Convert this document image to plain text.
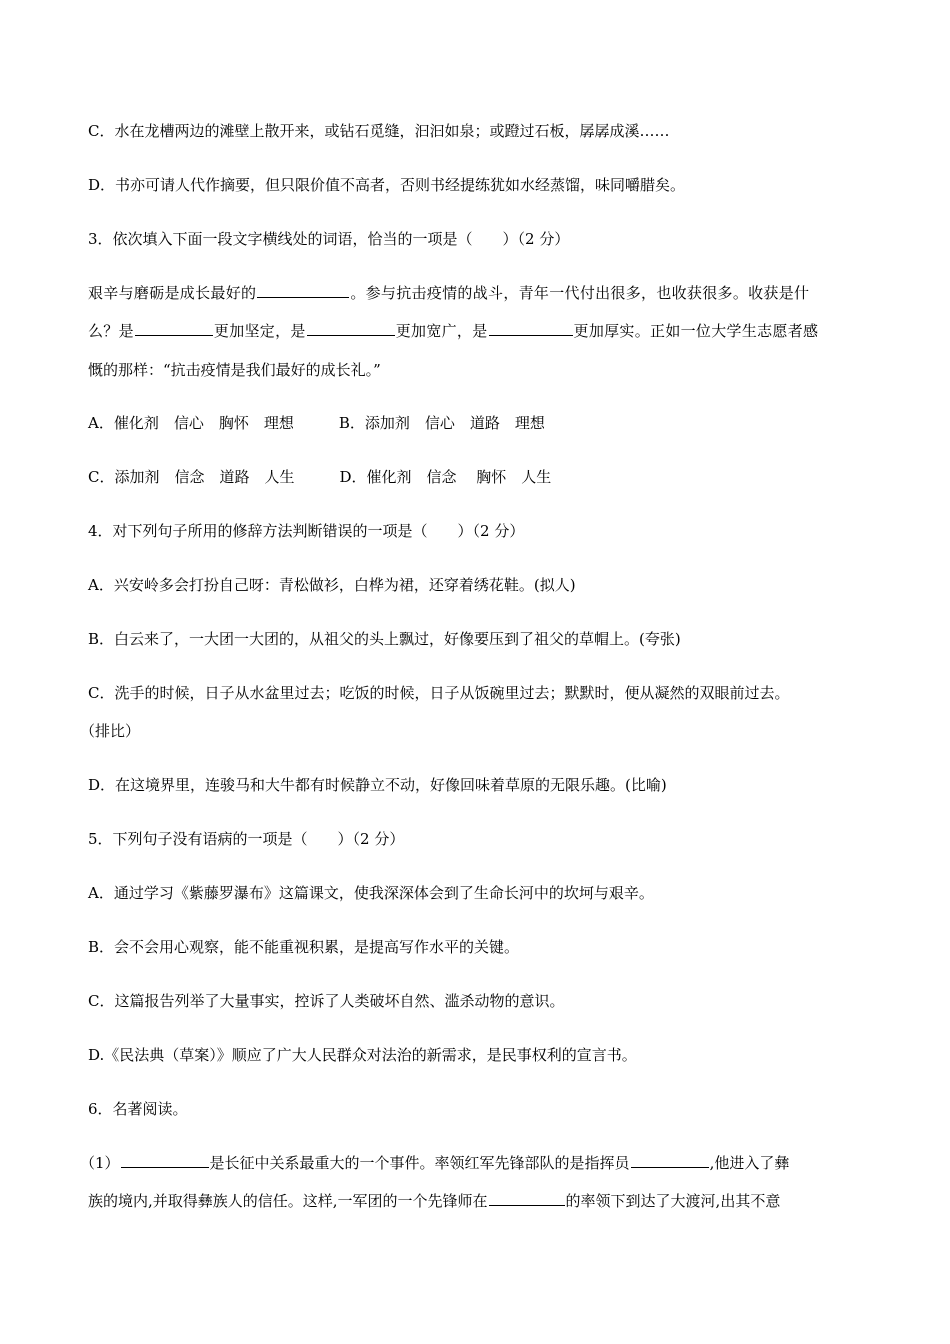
C．水在龙槽两边的滩壁上散开来，或钻石觅缝，汩汩如泉；或蹬过石板，孱孱成溪……
D．书亦可请人代作摘要，但只限价值不高者，否则书经提练犹如水经蒸馏，味同嚼腊矣。
3．依次填入下面一段文字横线处的词语，恰当的一项是（　　）（2 分）
艰辛与磨砺是成长最好的	。参与抗击疫情的战斗，青年一代付出很多，也收获很多。收获是什
么？是	更加坚定，是	更加宽广，是	更加厚实。正如一位大学生志愿者感
慨的那样：“抗击疫情是我们最好的成长礼。”
A．催化剂　信心　胸怀　理想　　　B．添加剂　信心　道路　理想
C．添加剂　信念　道路　人生　　　D．催化剂　信念　 胸怀　人生
4．对下列句子所用的修辞方法判断错误的一项是（　　）（2 分）
A．兴安岭多会打扮自己呀：青松做衫，白桦为裙，还穿着绣花鞋。(拟人)
B．白云来了，一大团一大团的，从祖父的头上飘过，好像要压到了祖父的草帽上。(夸张)
C．洗手的时候，日子从水盆里过去；吃饭的时候，日子从饭碗里过去；默默时，便从凝然的双眼前过去。
（排比）
D．在这境界里，连骏马和大牛都有时候静立不动，好像回味着草原的无限乐趣。(比喻)
5．下列句子没有语病的一项是（　　）（2 分）
A．通过学习《紫藤罗瀑布》这篇课文，使我深深体会到了生命长河中的坎坷与艰辛。
B．会不会用心观察，能不能重视积累，是提高写作水平的关键。
C．这篇报告列举了大量事实，控诉了人类破坏自然、滥杀动物的意识。
D.《民法典（草案）》顺应了广大人民群众对法治的新需求，是民事权利的宣言书。
6．名著阅读。
（1）	是长征中关系最重大的一个事件。率领红军先锋部队的是指挥员	,他进入了彝
族的境内,并取得彝族人的信任。这样,一军团的一个先锋师在	的率领下到达了大渡河,出其不意
